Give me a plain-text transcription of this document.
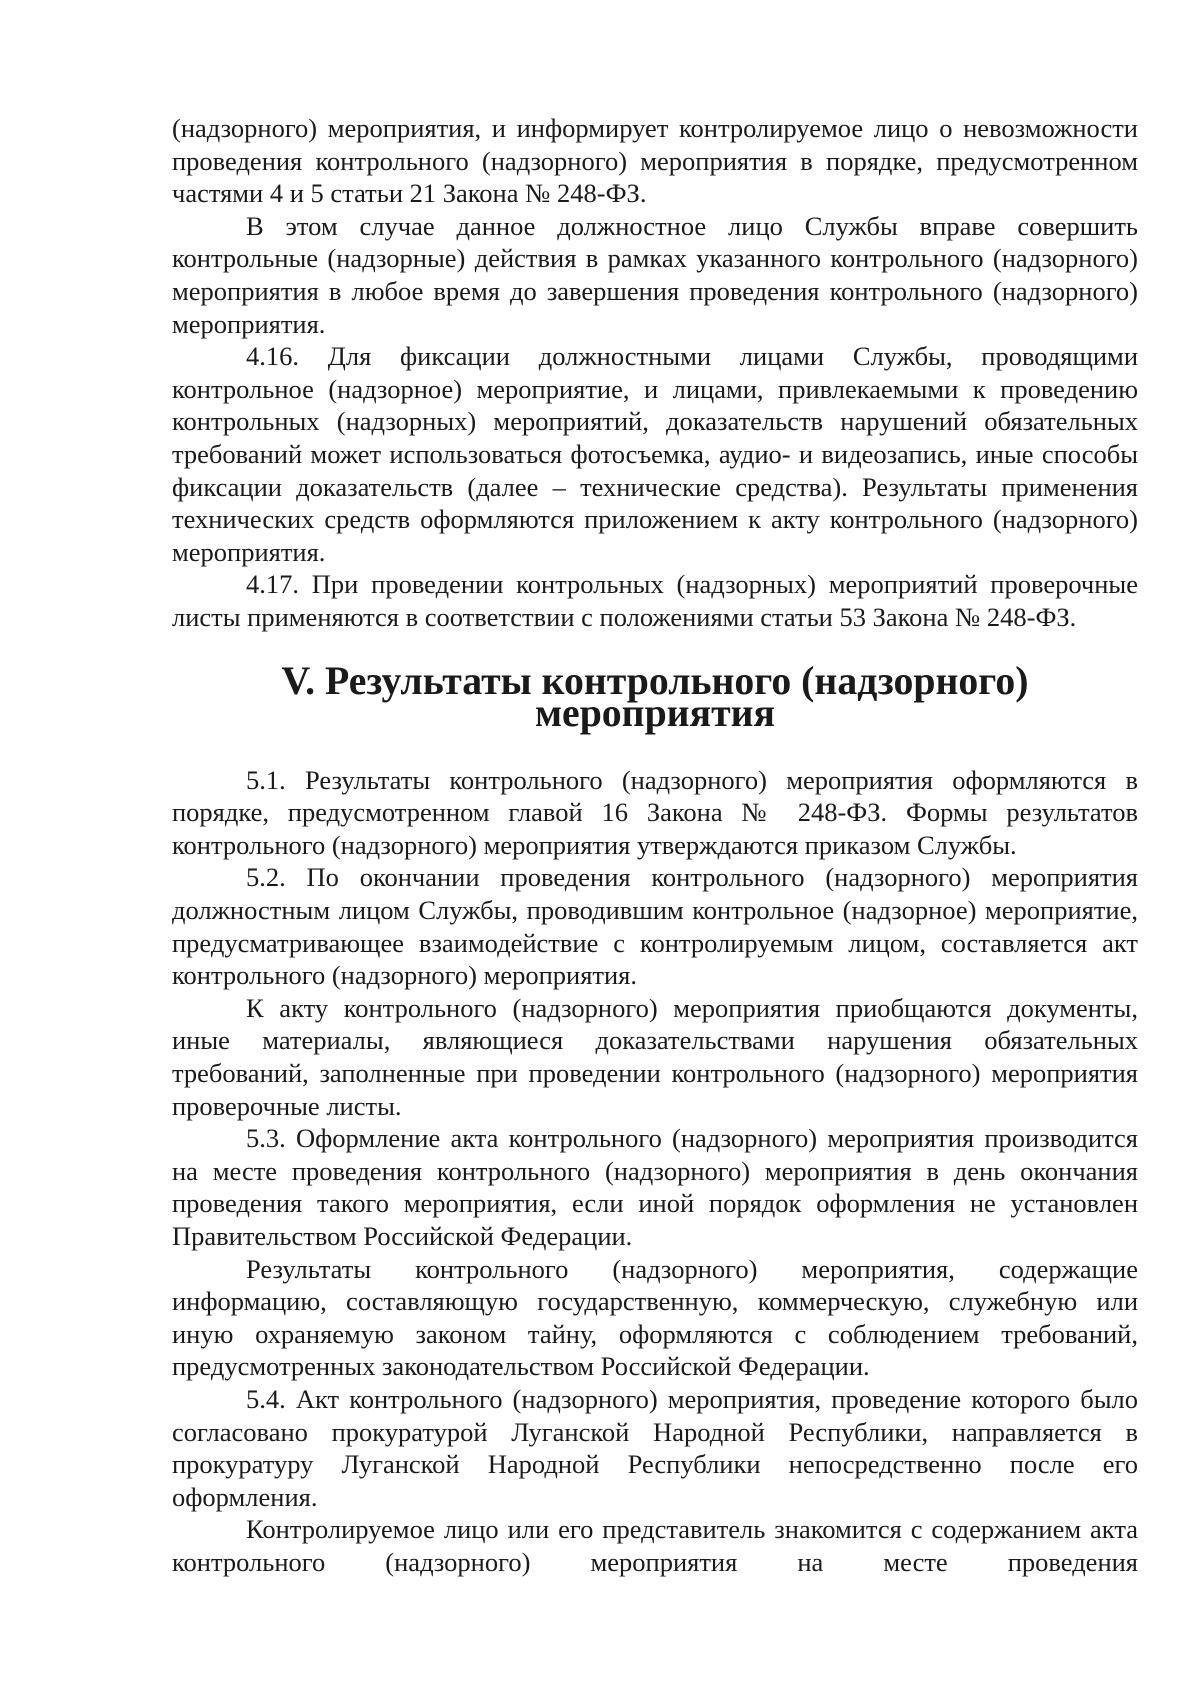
(надзорного) мероприятия, и информирует контролируемое лицо о невозможности проведения контрольного (надзорного) мероприятия в порядке, предусмотренном частями 4 и 5 статьи 21 Закона № 248-ФЗ.

В этом случае данное должностное лицо Службы вправе совершить контрольные (надзорные) действия в рамках указанного контрольного (надзорного) мероприятия в любое время до завершения проведения контрольного (надзорного) мероприятия.

4.16. Для фиксации должностными лицами Службы, проводящими контрольное (надзорное) мероприятие, и лицами, привлекаемыми к проведению контрольных (надзорных) мероприятий, доказательств нарушений обязательных требований может использоваться фотосъемка, аудио- и видеозапись, иные способы фиксации доказательств (далее – технические средства). Результаты применения технических средств оформляются приложением к акту контрольного (надзорного) мероприятия.

4.17. При проведении контрольных (надзорных) мероприятий проверочные листы применяются в соответствии с положениями статьи 53 Закона № 248-ФЗ.

V. Результаты контрольного (надзорного) мероприятия

5.1. Результаты контрольного (надзорного) мероприятия оформляются в порядке, предусмотренном главой 16 Закона № 248-ФЗ. Формы результатов контрольного (надзорного) мероприятия утверждаются приказом Службы.

5.2. По окончании проведения контрольного (надзорного) мероприятия должностным лицом Службы, проводившим контрольное (надзорное) мероприятие, предусматривающее взаимодействие с контролируемым лицом, составляется акт контрольного (надзорного) мероприятия.

К акту контрольного (надзорного) мероприятия приобщаются документы, иные материалы, являющиеся доказательствами нарушения обязательных требований, заполненные при проведении контрольного (надзорного) мероприятия проверочные листы.

5.3. Оформление акта контрольного (надзорного) мероприятия производится на месте проведения контрольного (надзорного) мероприятия в день окончания проведения такого мероприятия, если иной порядок оформления не установлен Правительством Российской Федерации.

Результаты контрольного (надзорного) мероприятия, содержащие информацию, составляющую государственную, коммерческую, служебную или иную охраняемую законом тайну, оформляются с соблюдением требований, предусмотренных законодательством Российской Федерации.

5.4. Акт контрольного (надзорного) мероприятия, проведение которого было согласовано прокуратурой Луганской Народной Республики, направляется в прокуратуру Луганской Народной Республики непосредственно после его оформления.

Контролируемое лицо или его представитель знакомится с содержанием акта контрольного (надзорного) мероприятия на месте проведения
